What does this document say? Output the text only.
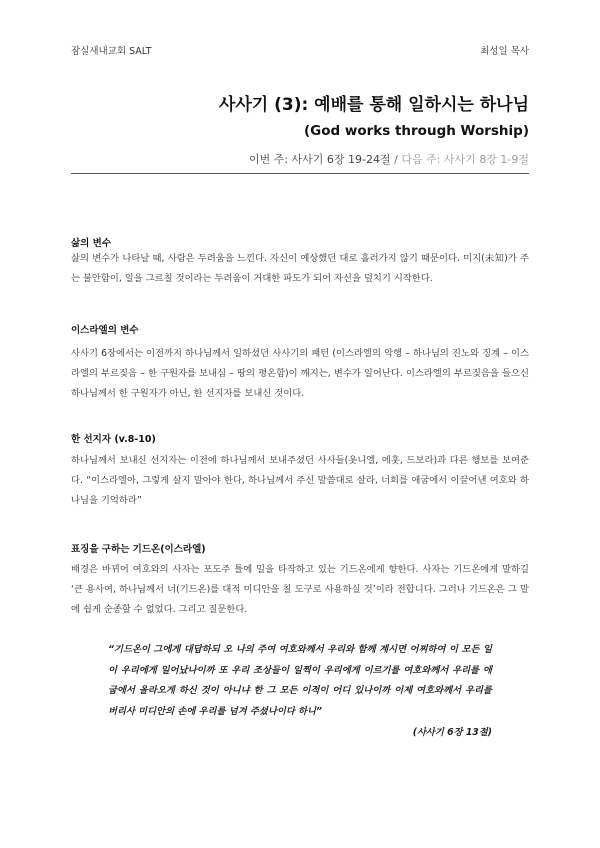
잠실새내교회 SALT	최성일 목사
사사기 (3): 예배를 통해 일하시는 하나님
(God works through Worship)
이번 주: 사사기 6장 19-24절 / 다음 주: 사사기 8장 1-9절
삶의 변수

삶의 변수가 나타날 때, 사람은 두려움을 느낀다. 자신이 예상했던 대로 흘러가지 않기 때문이다. 미지(未知)가 주는 불안함이, 일을 그르칠 것이라는 두려움이 거대한 파도가 되어 자신을 덮치기 시작한다.

이스라엘의 변수

사사기 6장에서는 이전까지 하나님께서 일하셨던 사사기의 패턴 (이스라엘의 악행 – 하나님의 진노와 징계 – 이스라엘의 부르짖음 – 한 구원자를 보내심 – 땅의 평온함)이 깨지는, 변수가 일어난다. 이스라엘의 부르짖음을 들으신 하나님께서 한 구원자가 아닌, 한 선지자를 보내신 것이다.

한 선지자 (v.8-10)

하나님께서 보내신 선지자는 이전에 하나님께서 보내주셨던 사사들(옷니엘, 에훗, 드보라)과 다른 행보를 보여준다. “이스라엘아, 그렇게 살지 말아야 한다, 하나님께서 주신 말씀대로 살라, 너희를 애굽에서 이끌어낸 여호와 하나님을 기억하라”

표징을 구하는 기드온(이스라엘)

배경은 바뀌어 여호와의 사자는 포도주 틀에 밀을 타작하고 있는 기드온에게 향한다. 사자는 기드온에게 말하길 ‘큰 용사여, 하나님께서 너(기드온)를 대적 미디안을 칠 도구로 사용하실 것’이라 전합니다. 그러나 기드온은 그 말에 쉽게 순종할 수 없었다. 그리고 질문한다.

“기드온이 그에게 대답하되 오 나의 주여 여호와께서 우리와 함께 계시면 어찌하여 이 모든 일이 우리에게 일어났나이까 또 우리 조상들이 일찍이 우리에게 이르기를 여호와께서 우리를 애굽에서 올라오게 하신 것이 아니냐 한 그 모든 이적이 어디 있나이까 이제 여호와께서 우리를 버리사 미디안의 손에 우리를 넘겨 주셨나이다 하니”

(사사기 6장 13절)
